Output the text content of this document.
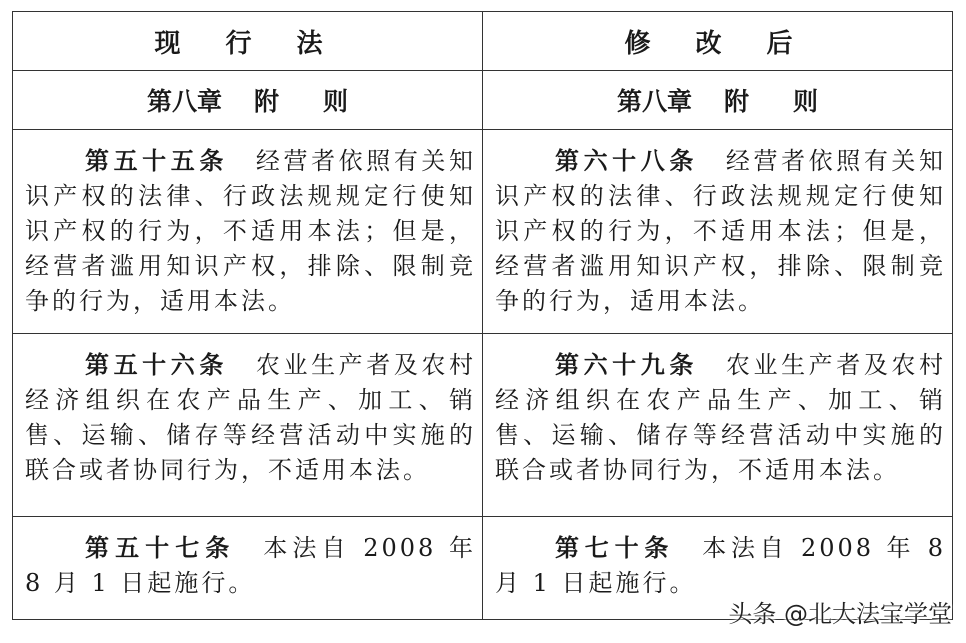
现 行 法	修 改 后
第八章 附 则	第八章 附 则
第五十五条 经营者依照有关知识产权的法律、行政法规规定行使知识产权的行为，不适用本法；但是，经营者滥用知识产权，排除、限制竞争的行为，适用本法。	第六十八条 经营者依照有关知识产权的法律、行政法规规定行使知识产权的行为，不适用本法；但是，经营者滥用知识产权，排除、限制竞争的行为，适用本法。
第五十六条 农业生产者及农村经济组织在农产品生产、加工、销售、运输、储存等经营活动中实施的联合或者协同行为，不适用本法。	第六十九条 农业生产者及农村经济组织在农产品生产、加工、销售、运输、储存等经营活动中实施的联合或者协同行为，不适用本法。
第五十七条 本法自 2008 年 8 月 1 日起施行。	第七十条 本法自 2008 年 8 月 1 日起施行。
头条 @北大法宝学堂
